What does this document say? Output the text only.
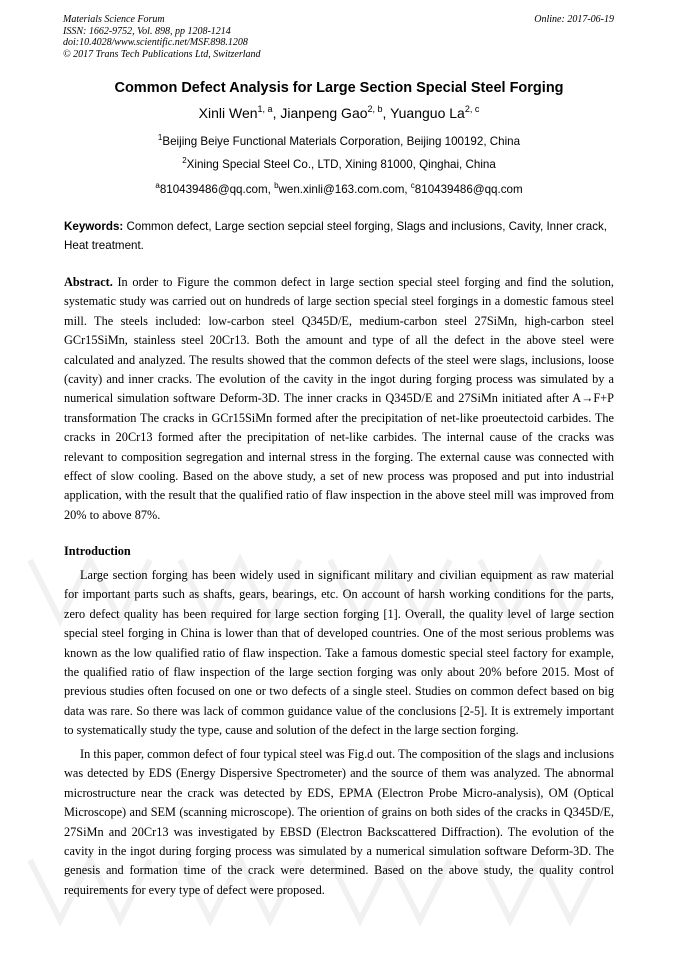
Materials Science Forum
ISSN: 1662-9752, Vol. 898, pp 1208-1214
doi:10.4028/www.scientific.net/MSF.898.1208
© 2017 Trans Tech Publications Ltd, Switzerland
Online: 2017-06-19
Common Defect Analysis for Large Section Special Steel Forging
Xinli Wen$^{1, a}$, Jianpeng Gao$^{2, b}$, Yuanguo La$^{2, c}$
$^1$Beijing Beiye Functional Materials Corporation, Beijing 100192, China
$^2$Xining Special Steel Co., LTD, Xining 81000, Qinghai, China
$^a$810439486@qq.com, $^b$wen.xinli@163.com.com, $^c$810439486@qq.com
Keywords: Common defect, Large section sepcial steel forging, Slags and inclusions, Cavity, Inner crack, Heat treatment.
Abstract. In order to Figure the common defect in large section special steel forging and find the solution, systematic study was carried out on hundreds of large section special steel forgings in a domestic famous steel mill. The steels included: low-carbon steel Q345D/E, medium-carbon steel 27SiMn, high-carbon steel GCr15SiMn, stainless steel 20Cr13. Both the amount and type of all the defect in the above steel were calculated and analyzed. The results showed that the common defects of the steel were slags, inclusions, loose (cavity) and inner cracks. The evolution of the cavity in the ingot during forging process was simulated by a numerical simulation software Deform-3D. The inner cracks in Q345D/E and 27SiMn initiated after A→F+P transformation The cracks in GCr15SiMn formed after the precipitation of net-like proeutectoid carbides. The cracks in 20Cr13 formed after the precipitation of net-like carbides. The internal cause of the cracks was relevant to composition segregation and internal stress in the forging. The external cause was connected with effect of slow cooling. Based on the above study, a set of new process was proposed and put into industrial application, with the result that the qualified ratio of flaw inspection in the above steel mill was improved from 20% to above 87%.
Introduction
Large section forging has been widely used in significant military and civilian equipment as raw material for important parts such as shafts, gears, bearings, etc. On account of harsh working conditions for the parts, zero defect quality has been required for large section forging [1]. Overall, the quality level of large section special steel forging in China is lower than that of developed countries. One of the most serious problems was known as the low qualified ratio of flaw inspection. Take a famous domestic special steel factory for example, the qualified ratio of flaw inspection of the large section forging was only about 20% before 2015. Most of previous studies often focused on one or two defects of a single steel. Studies on common defect based on big data was rare. So there was lack of common guidance value of the conclusions [2-5]. It is extremely important to systematically study the type, cause and solution of the defect in the large section forging.
In this paper, common defect of four typical steel was Fig.d out. The composition of the slags and inclusions was detected by EDS (Energy Dispersive Spectrometer) and the source of them was analyzed. The abnormal microstructure near the crack was detected by EDS, EPMA (Electron Probe Micro-analysis), OM (Optical Microscope) and SEM (scanning microscope). The oriention of grains on both sides of the cracks in Q345D/E, 27SiMn and 20Cr13 was investigated by EBSD (Electron Backscattered Diffraction). The evolution of the cavity in the ingot during forging process was simulated by a numerical simulation software Deform-3D. The genesis and formation time of the crack were determined. Based on the above study, the quality control requirements for every type of defect were proposed.
